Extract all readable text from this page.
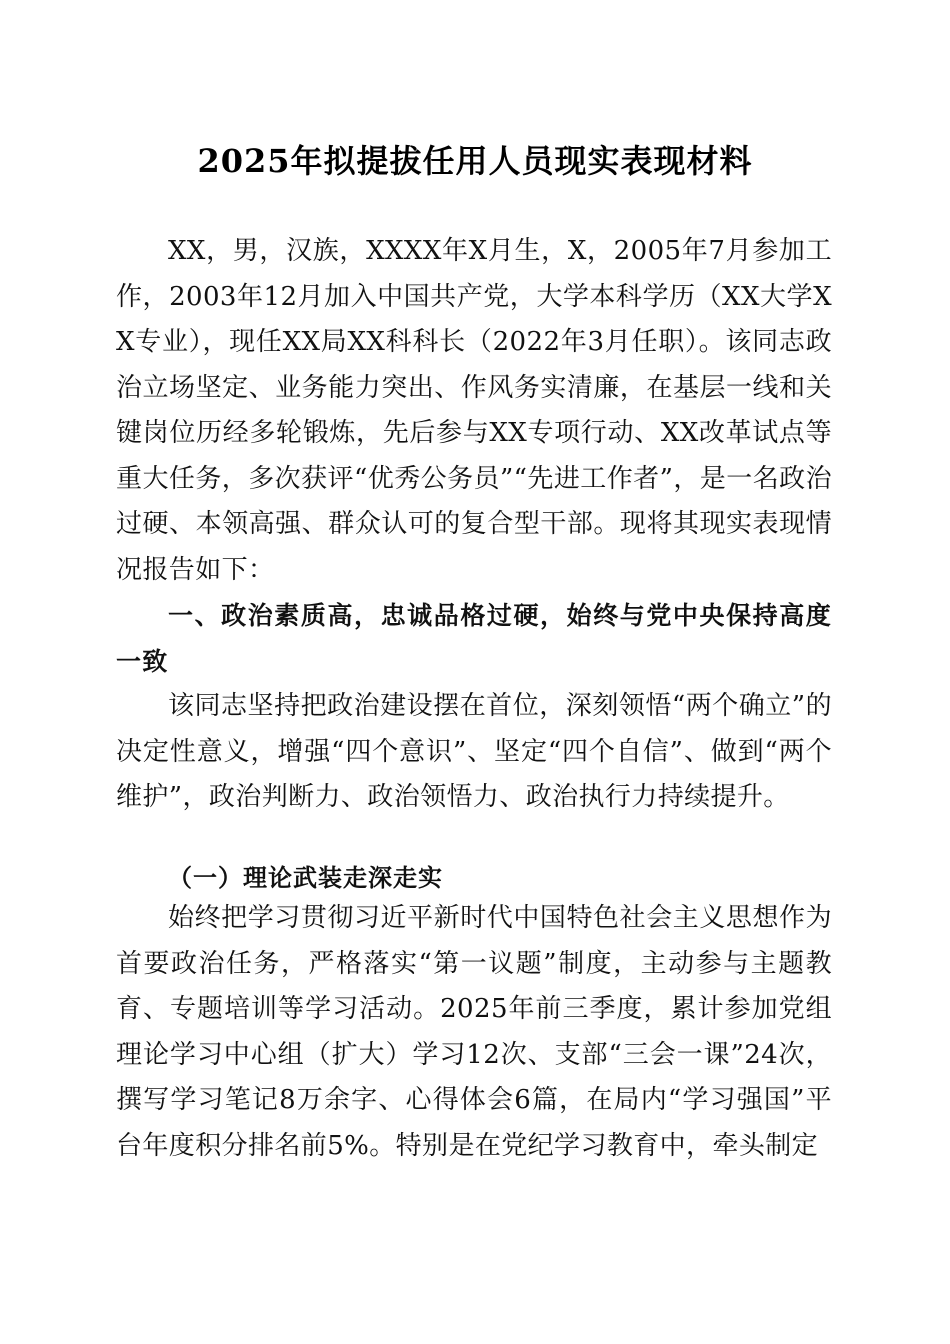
2025年拟提拔任用人员现实表现材料

XX，男，汉族，XXXX年X月生，X，2005年7月参加工作，2003年12月加入中国共产党，大学本科学历（XX大学XX专业），现任XX局XX科科长（2022年3月任职）。该同志政治立场坚定、业务能力突出、作风务实清廉，在基层一线和关键岗位历经多轮锻炼，先后参与XX专项行动、XX改革试点等重大任务，多次获评“优秀公务员”“先进工作者”，是一名政治过硬、本领高强、群众认可的复合型干部。现将其现实表现情况报告如下：

一、政治素质高，忠诚品格过硬，始终与党中央保持高度一致

该同志坚持把政治建设摆在首位，深刻领悟“两个确立”的决定性意义，增强“四个意识”、坚定“四个自信”、做到“两个维护”，政治判断力、政治领悟力、政治执行力持续提升。

（一）理论武装走深走实

始终把学习贯彻习近平新时代中国特色社会主义思想作为首要政治任务，严格落实“第一议题”制度，主动参与主题教育、专题培训等学习活动。2025年前三季度，累计参加党组理论学习中心组（扩大）学习12次、支部“三会一课”24次，撰写学习笔记8万余字、心得体会6篇，在局内“学习强国”平台年度积分排名前5%。特别是在党纪学习教育中，牵头制定
